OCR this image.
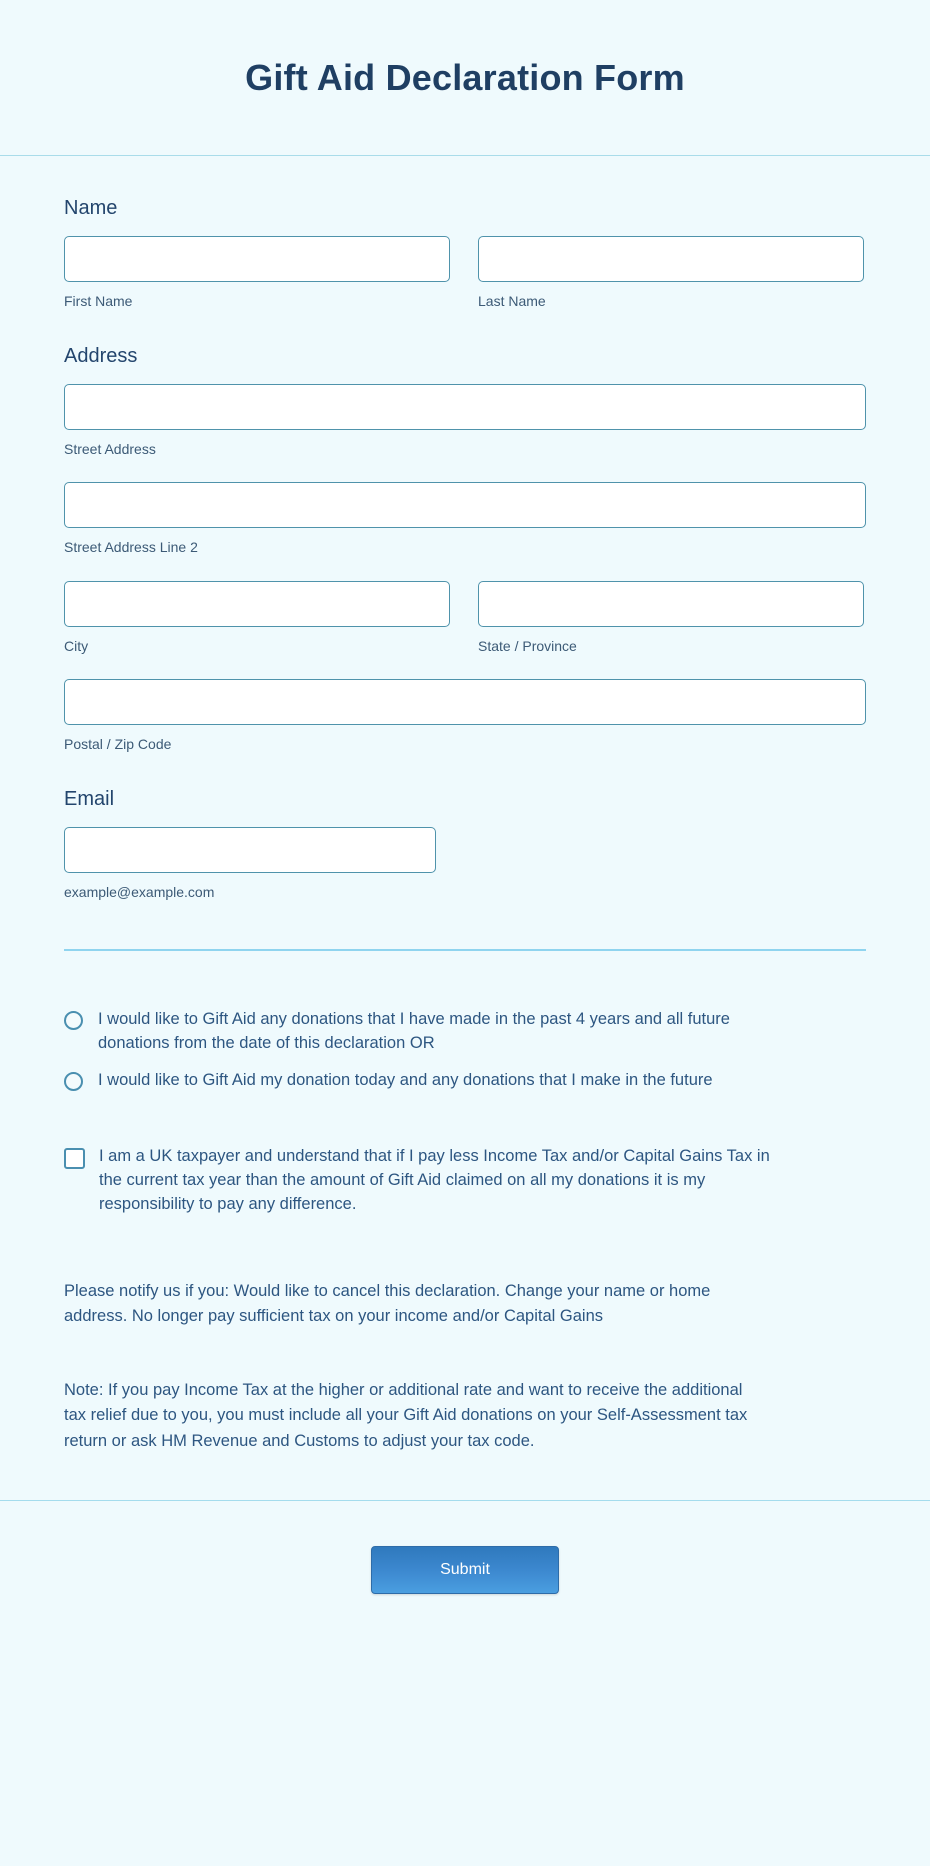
Gift Aid Declaration Form
Name
First Name	Last Name
Address
Street Address
Street Address Line 2
City	State / Province
Postal / Zip Code
Email
example@example.com
I would like to Gift Aid any donations that I have made in the past 4 years and all future donations from the date of this declaration OR
I would like to Gift Aid my donation today and any donations that I make in the future
I am a UK taxpayer and understand that if I pay less Income Tax and/or Capital Gains Tax in the current tax year than the amount of Gift Aid claimed on all my donations it is my responsibility to pay any difference.
Please notify us if you: Would like to cancel this declaration. Change your name or home address. No longer pay sufficient tax on your income and/or Capital Gains
Note: If you pay Income Tax at the higher or additional rate and want to receive the additional tax relief due to you, you must include all your Gift Aid donations on your Self-Assessment tax return or ask HM Revenue and Customs to adjust your tax code.
Submit
